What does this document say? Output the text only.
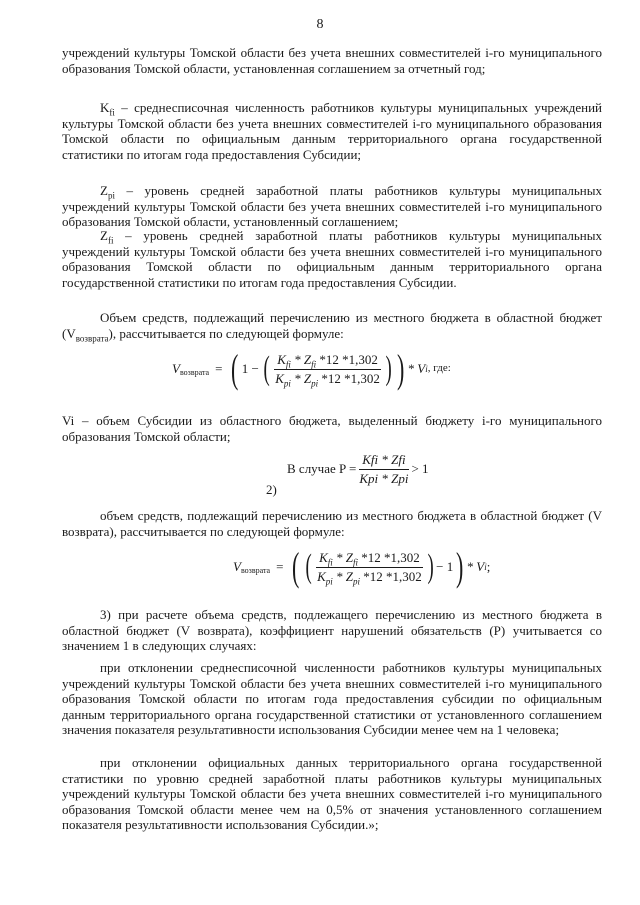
8

учреждений культуры Томской области без учета внешних совместителей i-го муниципального образования Томской области, установленная соглашением за отчетный год;

$K_{fi}$ – среднесписочная численность работников культуры муниципальных учреждений культуры Томской области без учета внешних совместителей i-го муниципального образования Томской области по официальным данным территориального органа государственной статистики по итогам года предоставления Субсидии;

$Z_{pi}$ – уровень средней заработной платы работников культуры муниципальных учреждений культуры Томской области без учета внешних совместителей i-го муниципального образования Томской области, установленный соглашением;

$Z_{fi}$ – уровень средней заработной платы работников культуры муниципальных учреждений культуры Томской области без учета внешних совместителей i-го муниципального образования Томской области по официальным данным территориального органа государственной статистики по итогам года предоставления Субсидии.

Объем средств, подлежащий перечислению из местного бюджета в областной бюджет $(V_{возврата})$, рассчитывается по следующей формуле:

V возврата = ( 1 − ( $\frac{K_{fi} * Z_{fi} *12 *1,302}{K_{pi} * Z_{pi} *12 *1,302}$ ) ) * V i , где:

Vi – объем Субсидии из областного бюджета, выделенный бюджету i-го муниципального образования Томской области;

В случае $P = \frac{\text{Kfi * Zfi}}{\text{Kpi * Zpi}} > 1$
2)

объем средств, подлежащий перечислению из местного бюджета в областной бюджет (V возврата), рассчитывается по следующей формуле:

V возврата = ( ( $\frac{K_{fi} * Z_{fi} *12 *1,302}{K_{pi} * Z_{pi} *12 *1,302}$ ) − 1 ) * V i ;

3) при расчете объема средств, подлежащего перечислению из местного бюджета в областной бюджет (V возврата), коэффициент нарушений обязательств (P) учитывается со значением 1 в следующих случаях:

при отклонении среднесписочной численности работников культуры муниципальных учреждений культуры Томской области без учета внешних совместителей i-го муниципального образования Томской области по итогам года предоставления субсидии по официальным данным территориального органа государственной статистики от установленного соглашением значения показателя результативности использования Субсидии менее чем на 1 человека;

при отклонении официальных данных территориального органа государственной статистики по уровню средней заработной платы работников культуры муниципальных учреждений культуры Томской области без учета внешних совместителей i-го муниципального образования Томской области менее чем на 0,5% от значения установленного соглашением показателя результативности использования Субсидии.»;
